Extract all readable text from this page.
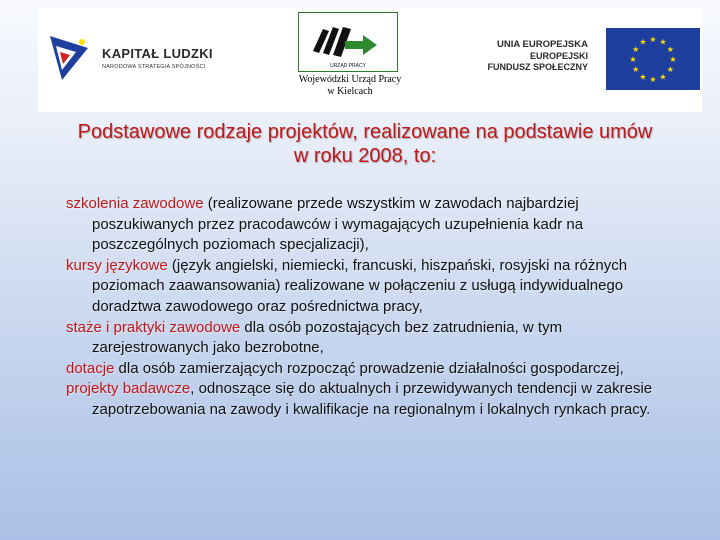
KAPITAŁ LUDZKI
NARODOWA STRATEGIA SPÓJNOŚCI	URZĄD PRACY
Wojewódzki Urząd Pracy
w Kielcach
UNIA EUROPEJSKA
EUROPEJSKI
FUNDUSZ SPOŁECZNY
★ ★
★
★
★
★
★
★
★
★
★
★
Podstawowe rodzaje projektów, realizowane na podstawie umów w roku 2008, to:

szkolenia zawodowe (realizowane przede wszystkim w zawodach najbardziej poszukiwanych przez pracodawców i wymagających uzupełnienia kadr na poszczególnych poziomach specjalizacji),

kursy językowe (język angielski, niemiecki, francuski, hiszpański, rosyjski na różnych poziomach zaawansowania) realizowane w połączeniu z usługą indywidualnego doradztwa zawodowego oraz pośrednictwa pracy,

staże i praktyki zawodowe dla osób pozostających bez zatrudnienia, w tym zarejestrowanych jako bezrobotne,

dotacje dla osób zamierzających rozpocząć prowadzenie działalności gospodarczej,

projekty badawcze, odnoszące się do aktualnych i przewidywanych tendencji w zakresie zapotrzebowania na zawody i kwalifikacje na regionalnym i lokalnych rynkach pracy.
